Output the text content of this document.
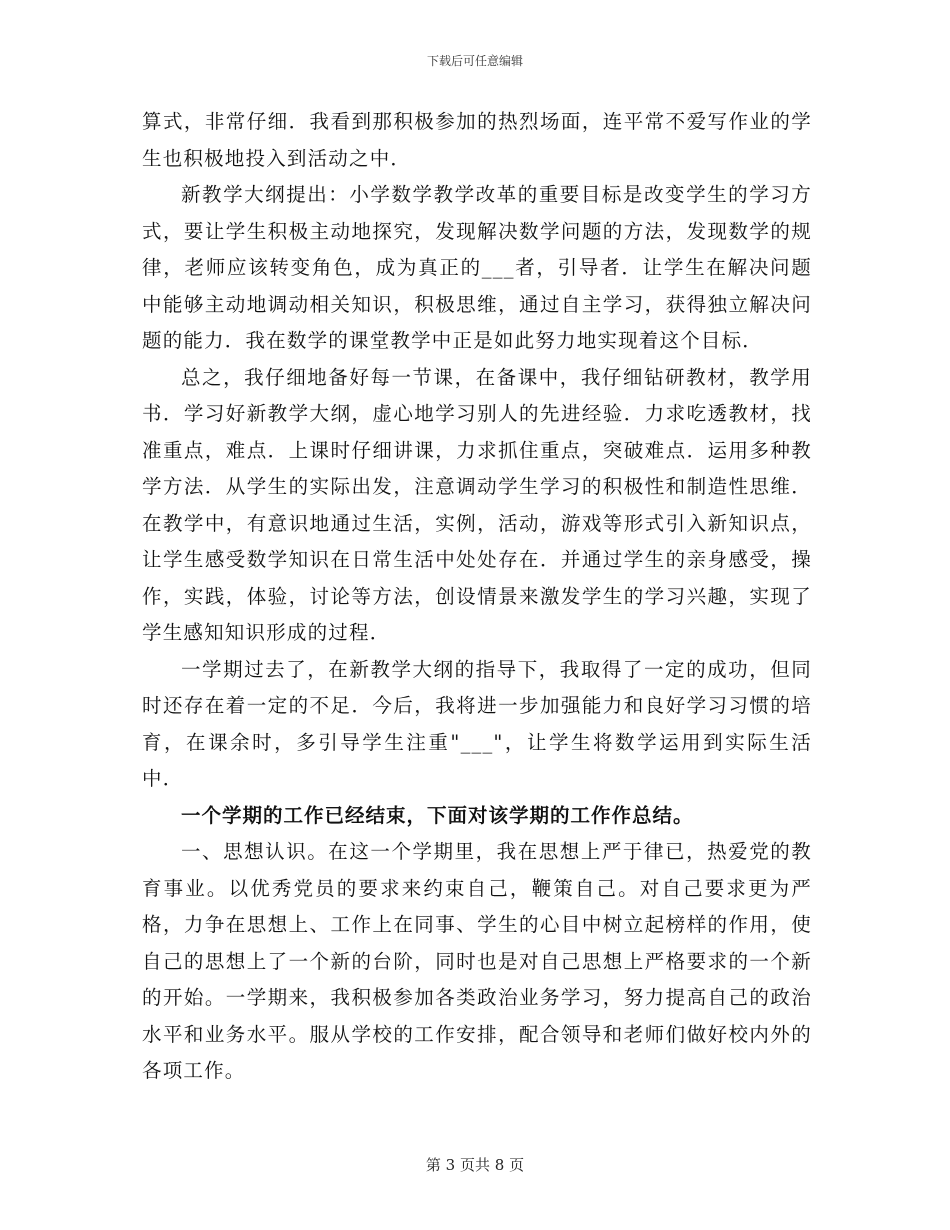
下载后可任意编辑

算式，非常仔细．我看到那积极参加的热烈场面，连平常不爱写作业的学生也积极地投入到活动之中．

新教学大纲提出：小学数学教学改革的重要目标是改变学生的学习方式，要让学生积极主动地探究，发现解决数学问题的方法，发现数学的规律，老师应该转变角色，成为真正的___者，引导者．让学生在解决问题中能够主动地调动相关知识，积极思维，通过自主学习，获得独立解决问题的能力．我在数学的课堂教学中正是如此努力地实现着这个目标．

总之，我仔细地备好每一节课，在备课中，我仔细钻研教材，教学用书．学习好新教学大纲，虚心地学习别人的先进经验．力求吃透教材，找准重点，难点．上课时仔细讲课，力求抓住重点，突破难点．运用多种教学方法．从学生的实际出发，注意调动学生学习的积极性和制造性思维．在教学中，有意识地通过生活，实例，活动，游戏等形式引入新知识点，让学生感受数学知识在日常生活中处处存在．并通过学生的亲身感受，操作，实践，体验，讨论等方法，创设情景来激发学生的学习兴趣，实现了学生感知知识形成的过程．

一学期过去了，在新教学大纲的指导下，我取得了一定的成功，但同时还存在着一定的不足．今后，我将进一步加强能力和良好学习习惯的培育，在课余时，多引导学生注重"___"，让学生将数学运用到实际生活中．

一个学期的工作已经结束，下面对该学期的工作作总结。

一、思想认识。在这一个学期里，我在思想上严于律已，热爱党的教育事业。以优秀党员的要求来约束自己，鞭策自己。对自己要求更为严格，力争在思想上、工作上在同事、学生的心目中树立起榜样的作用，使自己的思想上了一个新的台阶，同时也是对自己思想上严格要求的一个新的开始。一学期来，我积极参加各类政治业务学习，努力提高自己的政治水平和业务水平。服从学校的工作安排，配合领导和老师们做好校内外的各项工作。

第 3 页共 8 页
